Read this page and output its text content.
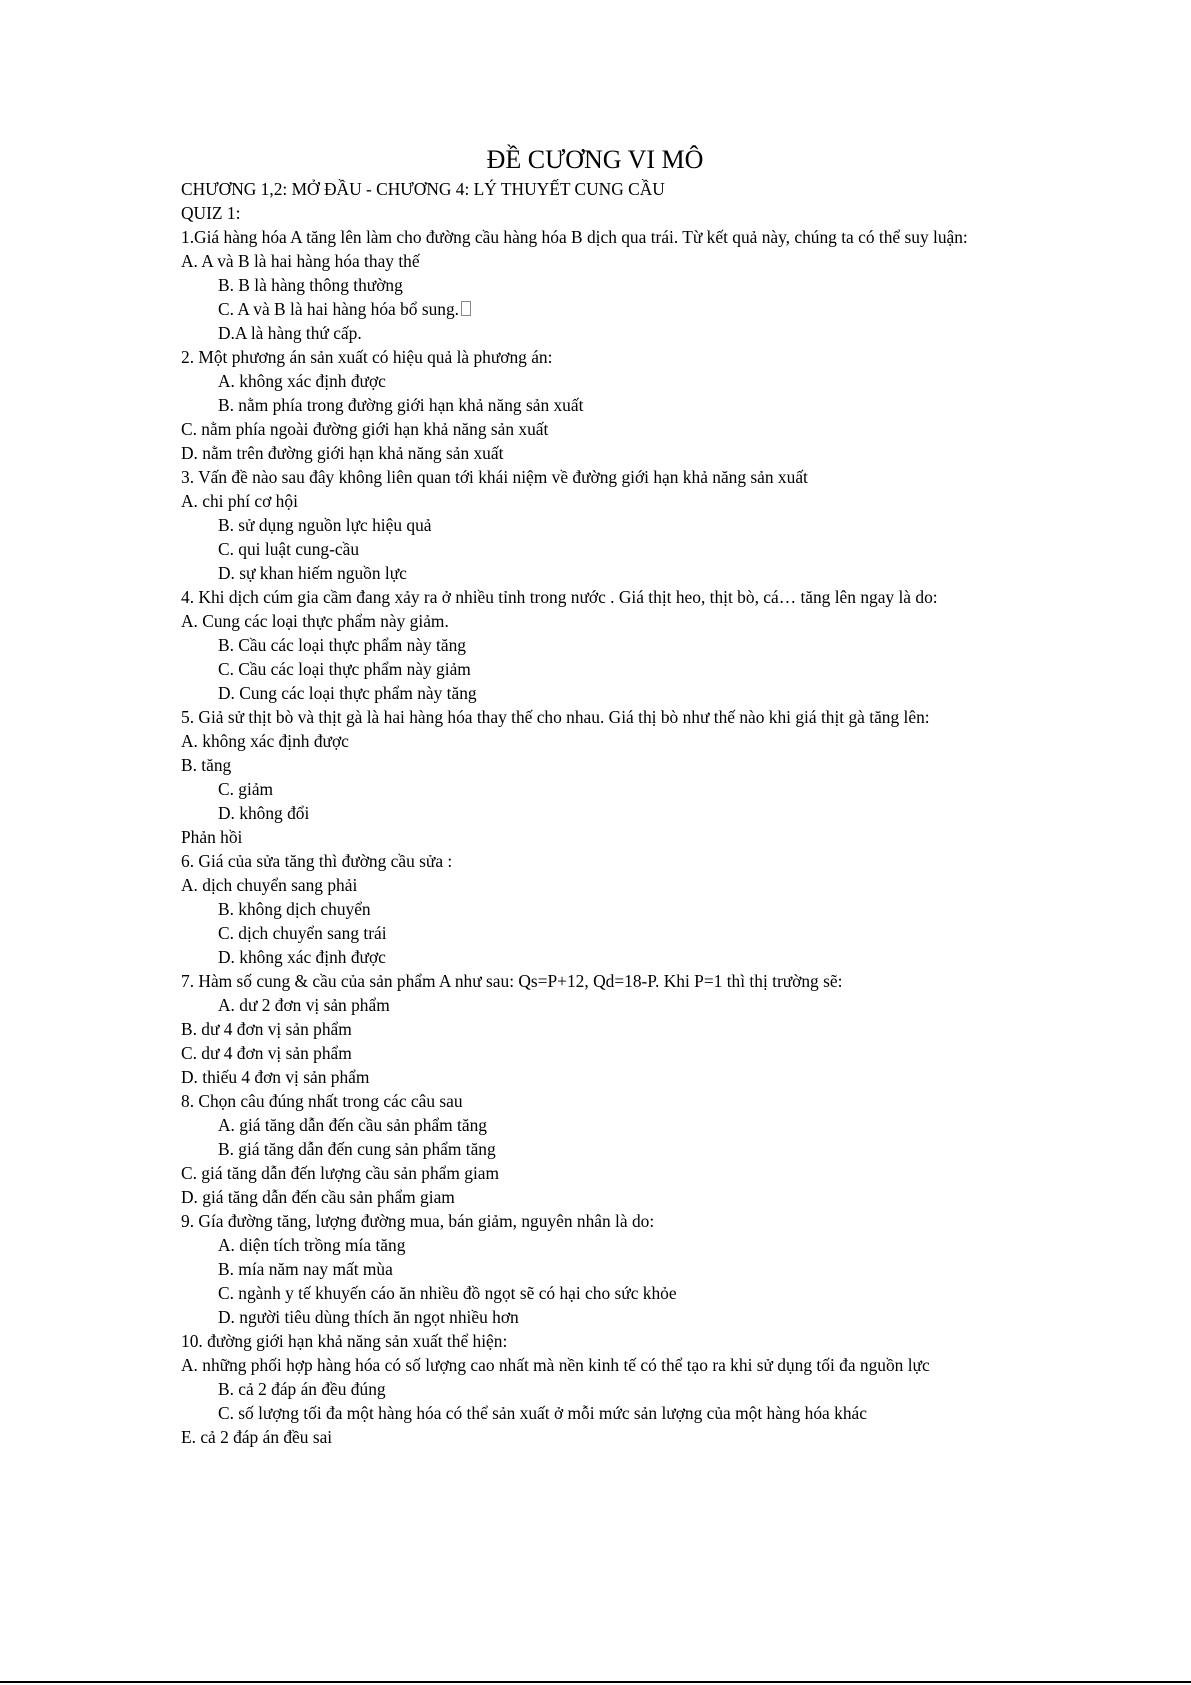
ĐỀ CƯƠNG VI MÔ
CHƯƠNG 1,2: MỞ ĐẦU - CHƯƠNG 4: LÝ THUYẾT CUNG CẦU
QUIZ 1:
1.Giá hàng hóa A tăng lên làm cho đường cầu hàng hóa B dịch qua trái. Từ kết quả này, chúng ta có thể suy luận:
A. A và B là hai hàng hóa thay thế
B. B là hàng thông thường
C. A và B là hai hàng hóa bổ sung.
D.A là hàng thứ cấp.
2. Một phương án sản xuất có hiệu quả là phương án:
A. không xác định được
B. nằm phía trong đường giới hạn khả năng sản xuất
C. nằm phía ngoài đường giới hạn khả năng sản xuất
D. nằm trên đường giới hạn khả năng sản xuất
3. Vấn đề nào sau đây không liên quan tới khái niệm về đường giới hạn khả năng sản xuất
A. chi phí cơ hội
B. sử dụng nguồn lực hiệu quả
C. qui luật cung-cầu
D. sự khan hiếm nguồn lực
4. Khi dịch cúm gia cầm đang xảy ra ở nhiều tỉnh trong nước . Giá thịt heo, thịt bò, cá… tăng lên ngay là do:
A. Cung các loại thực phẩm này giảm.
B. Cầu các loại thực phẩm này tăng
C. Cầu các loại thực phẩm này giảm
D. Cung các loại thực phẩm này tăng
5. Giả sử thịt bò và thịt gà là hai hàng hóa thay thế cho nhau. Giá thị bò như thế nào khi giá thịt gà tăng lên:
A. không xác định được
B. tăng
C. giảm
D. không đổi
Phản hồi
6. Giá của sửa tăng thì đường cầu sửa :
A. dịch chuyển sang phải
B. không dịch chuyển
C. dịch chuyển sang trái
D. không xác định được
7. Hàm số cung & cầu của sản phẩm A như sau: Qs=P+12, Qd=18-P. Khi P=1 thì thị trường sẽ:
A. dư 2 đơn vị sản phẩm
B. dư 4 đơn vị sản phẩm
C. dư 4 đơn vị sản phẩm
D. thiếu 4 đơn vị sản phẩm
8. Chọn câu đúng nhất trong các câu sau
A. giá tăng dẫn đến cầu sản phẩm tăng
B. giá tăng dẫn đến cung sản phẩm tăng
C. giá tăng dẫn đến lượng cầu sản phẩm giam
D. giá tăng dẫn đến cầu sản phẩm giam
9. Gía đường tăng, lượng đường mua, bán giảm, nguyên nhân là do:
A. diện tích trồng mía tăng
B. mía năm nay mất mùa
C. ngành y tế khuyến cáo ăn nhiều đồ ngọt sẽ có hại cho sức khỏe
D. người tiêu dùng thích ăn ngọt nhiều hơn
10. đường giới hạn khả năng sản xuất thể hiện:
A. những phối hợp hàng hóa có số lượng cao nhất mà nền kinh tế có thể tạo ra khi sử dụng tối đa nguồn lực
B. cả 2 đáp án đều đúng
C. số lượng tối đa một hàng hóa có thể sản xuất ở mỗi mức sản lượng của một hàng hóa khác
E. cả 2 đáp án đều sai
